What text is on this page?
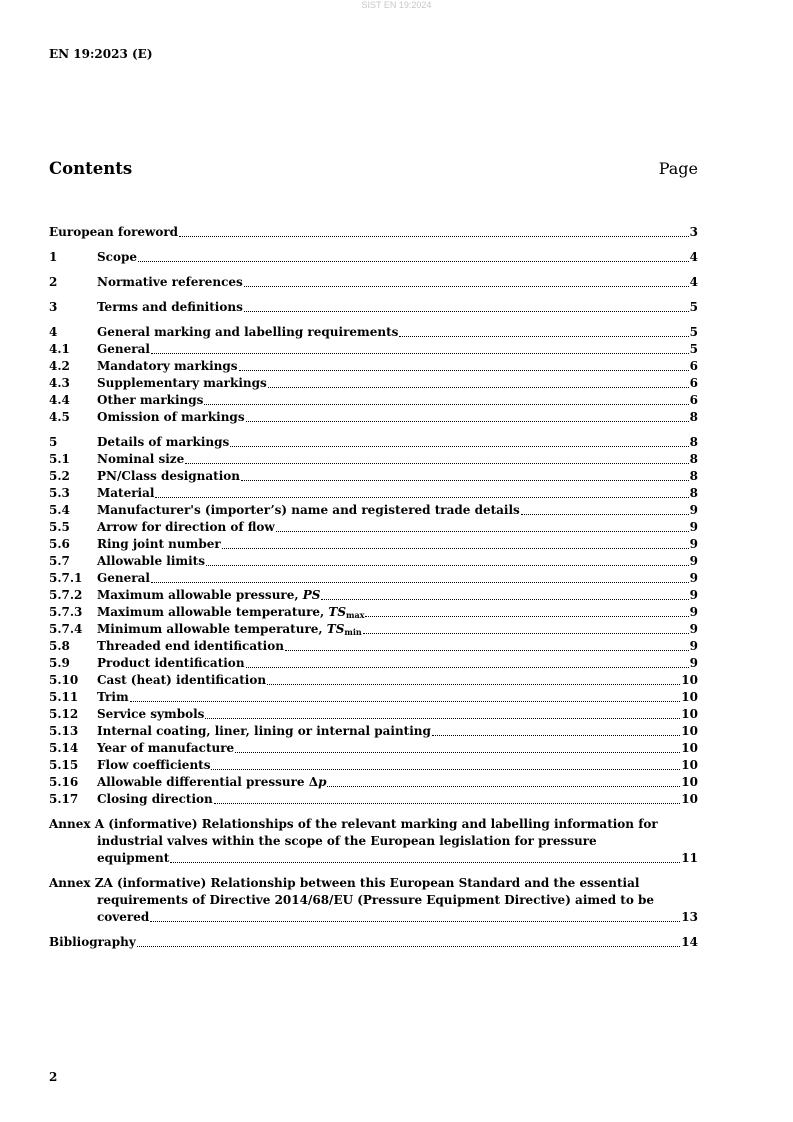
SIST EN 19:2024
EN 19:2023 (E)
Contents	Page
European foreword	3
1	Scope	4
2	Normative references	4
3	Terms and definitions	5
4	General marking and labelling requirements	5
4.1	General	5
4.2	Mandatory markings	6
4.3	Supplementary markings	6
4.4	Other markings	6
4.5	Omission of markings	8
5	Details of markings	8
5.1	Nominal size	8
5.2	PN/Class designation	8
5.3	Material	8
5.4	Manufacturer's (importer’s) name and registered trade details	9
5.5	Arrow for direction of flow	9
5.6	Ring joint number	9
5.7	Allowable limits	9
5.7.1	General	9
5.7.2	Maximum allowable pressure, PS	9
5.7.3	Maximum allowable temperature, $TS_{max}$	9
5.7.4	Minimum allowable temperature, $TS_{min}$	9
5.8	Threaded end identification	9
5.9	Product identification	9
5.10	Cast (heat) identification	10
5.11	Trim	10
5.12	Service symbols	10
5.13	Internal coating, liner, lining or internal painting	10
5.14	Year of manufacture	10
5.15	Flow coefficients	10
5.16	Allowable differential pressure Δp	10
5.17	Closing direction	10
Annex A (informative) Relationships of the relevant marking and labelling information for
industrial valves within the scope of the European legislation for pressure
equipment	11
Annex ZA (informative) Relationship between this European Standard and the essential
requirements of Directive 2014/68/EU (Pressure Equipment Directive) aimed to be
covered	13
Bibliography	14
2
